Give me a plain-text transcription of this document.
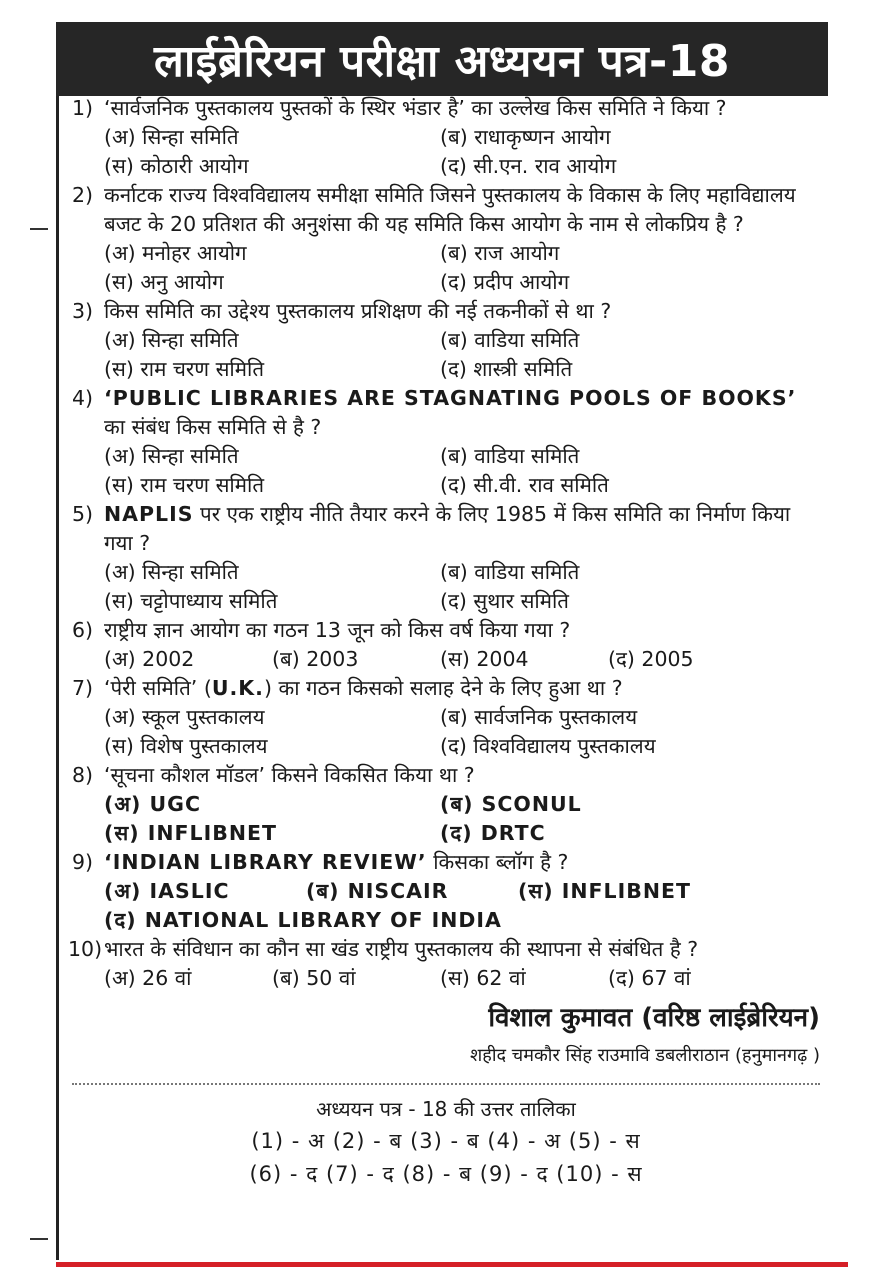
लाईब्रेरियन परीक्षा अध्ययन पत्र-18
1) ‘सार्वजनिक पुस्तकालय पुस्तकों के स्थिर भंडार है’ का उल्लेख किस समिति ने किया ?
(अ) सिन्हा समिति	(ब) राधाकृष्णन आयोग
(स) कोठारी आयोग	(द) सी.एन. राव आयोग
2) कर्नाटक राज्य विश्वविद्यालय समीक्षा समिति जिसने पुस्तकालय के विकास के लिए महाविद्यालय बजट के 20 प्रतिशत की अनुशंसा की यह समिति किस आयोग के नाम से लोकप्रिय है ?
(अ) मनोहर आयोग	(ब) राज आयोग
(स) अनु आयोग	(द) प्रदीप आयोग
3) किस समिति का उद्देश्य पुस्तकालय प्रशिक्षण की नई तकनीकों से था ?
(अ) सिन्हा समिति	(ब) वाडिया समिति
(स) राम चरण समिति	(द) शास्त्री समिति
4) ‘PUBLIC LIBRARIES ARE STAGNATING POOLS OF BOOKS’ का संबंध किस समिति से है ?
(अ) सिन्हा समिति	(ब) वाडिया समिति
(स) राम चरण समिति	(द) सी.वी. राव समिति
5) NAPLIS पर एक राष्ट्रीय नीति तैयार करने के लिए 1985 में किस समिति का निर्माण किया गया ?
(अ) सिन्हा समिति	(ब) वाडिया समिति
(स) चट्टोपाध्याय समिति	(द) सुथार समिति
6) राष्ट्रीय ज्ञान आयोग का गठन 13 जून को किस वर्ष किया गया ?
(अ) 2002	(ब) 2003	(स) 2004	(द) 2005
7) ‘पेरी समिति’ (U.K.) का गठन किसको सलाह देने के लिए हुआ था ?
(अ) स्कूल पुस्तकालय	(ब) सार्वजनिक पुस्तकालय
(स) विशेष पुस्तकालय	(द) विश्वविद्यालय पुस्तकालय
8) ‘सूचना कौशल मॉडल’ किसने विकसित किया था ?
(अ) UGC	(ब) SCONUL
(स) INFLIBNET	(द) DRTC
9) ‘INDIAN LIBRARY REVIEW’ किसका ब्लॉग है ?
(अ) IASLIC	(ब) NISCAIR	(स) INFLIBNET
(द) NATIONAL LIBRARY OF INDIA
10) भारत के संविधान का कौन सा खंड राष्ट्रीय पुस्तकालय की स्थापना से संबंधित है ?
(अ) 26 वां	(ब) 50 वां	(स) 62 वां	(द) 67 वां
विशाल कुमावत (वरिष्ठ लाईब्रेरियन)
शहीद चमकौर सिंह राउमावि डबलीराठान (हनुमानगढ़ )
अध्ययन पत्र - 18 की उत्तर तालिका
(1) - अ (2) - ब (3) - ब (4) - अ (5) - स
(6) - द (7) - द (8) - ब (9) - द (10) - स
